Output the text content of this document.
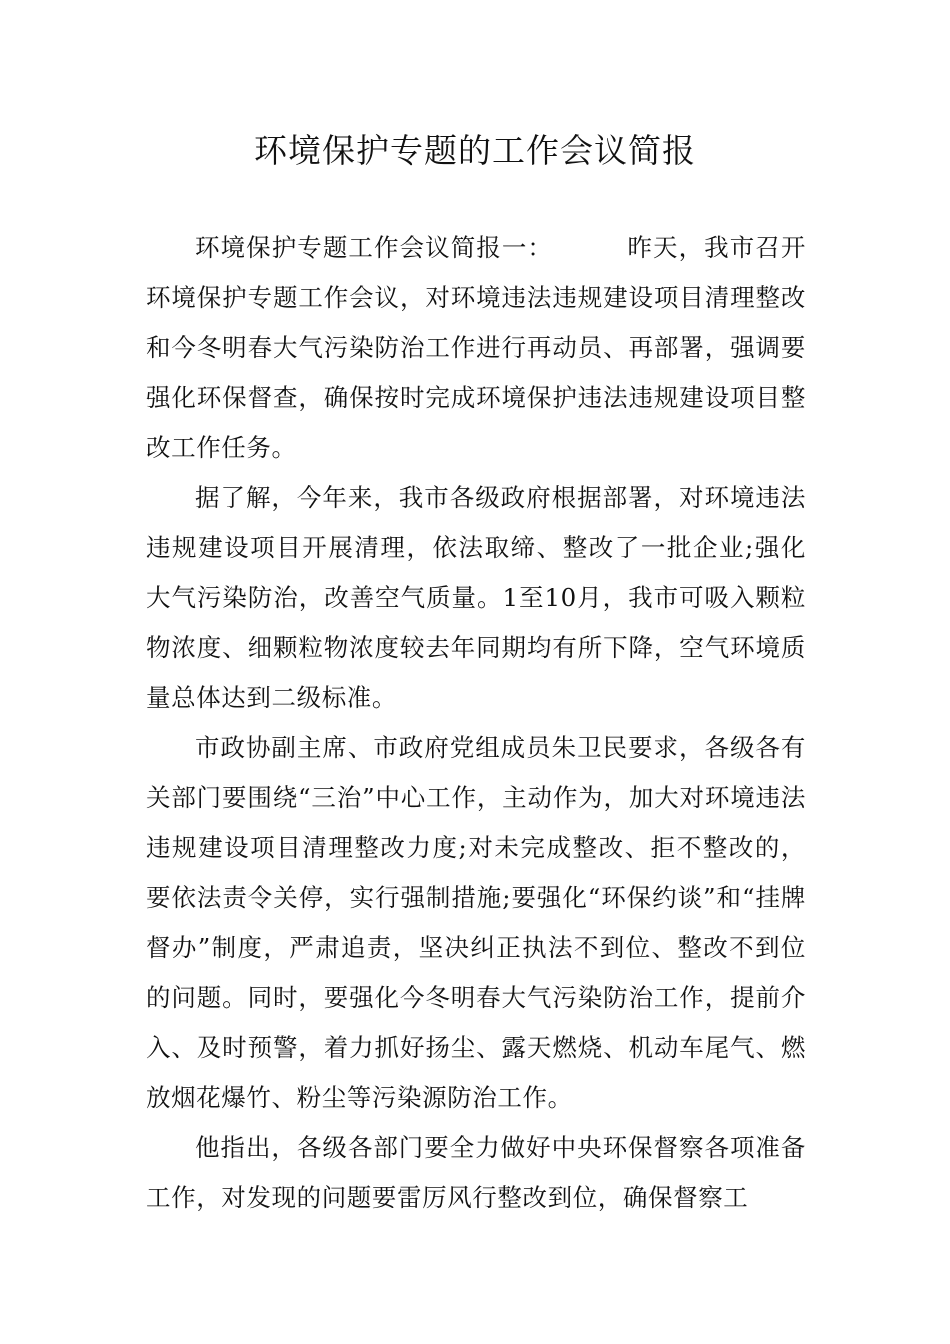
环境保护专题的工作会议简报

环境保护专题工作会议简报一：	昨天，我市召开环境保护专题工作会议，对环境违法违规建设项目清理整改和今冬明春大气污染防治工作进行再动员、再部署，强调要强化环保督查，确保按时完成环境保护违法违规建设项目整改工作任务。

据了解，今年来，我市各级政府根据部署，对环境违法违规建设项目开展清理，依法取缔、整改了一批企业;强化大气污染防治，改善空气质量。1至10月，我市可吸入颗粒物浓度、细颗粒物浓度较去年同期均有所下降，空气环境质量总体达到二级标准。

市政协副主席、市政府党组成员朱卫民要求，各级各有关部门要围绕“三治”中心工作，主动作为，加大对环境违法违规建设项目清理整改力度;对未完成整改、拒不整改的，要依法责令关停，实行强制措施;要强化“环保约谈”和“挂牌督办”制度，严肃追责，坚决纠正执法不到位、整改不到位的问题。同时，要强化今冬明春大气污染防治工作，提前介入、及时预警，着力抓好扬尘、露天燃烧、机动车尾气、燃放烟花爆竹、粉尘等污染源防治工作。

他指出，各级各部门要全力做好中央环保督察各项准备工作，对发现的问题要雷厉风行整改到位，确保督察工
